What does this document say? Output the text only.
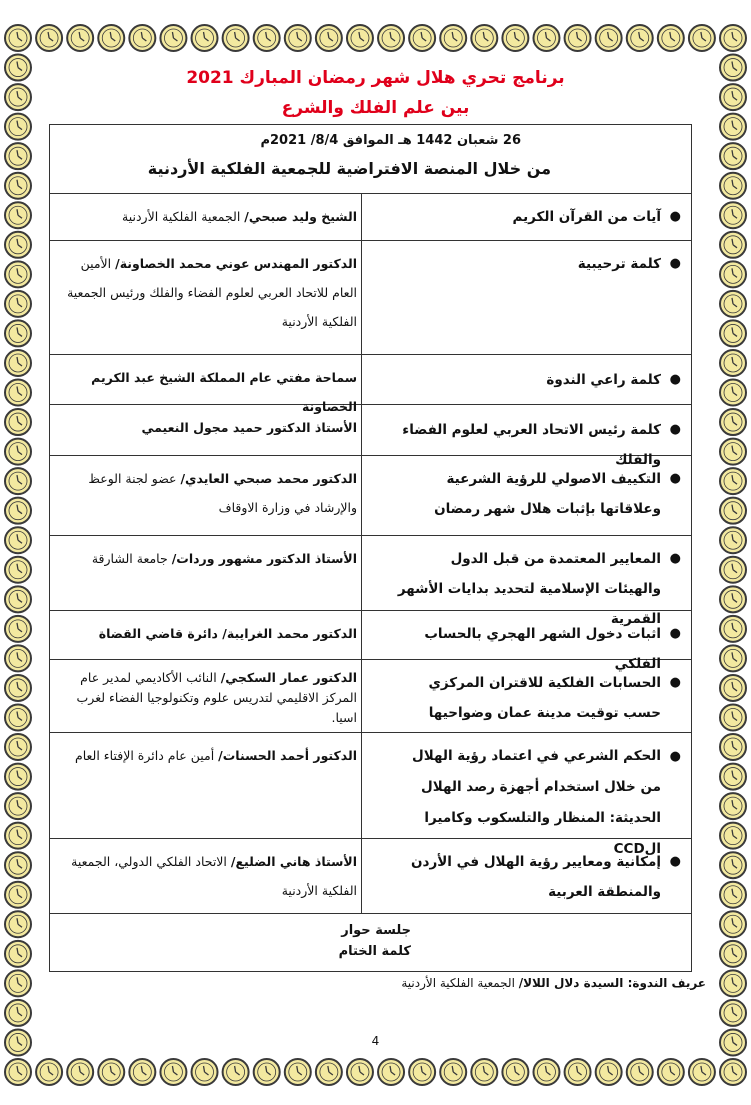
برنامج تحري هلال شهر رمضان المبارك 2021
بين علم الفلك والشرع
26 شعبان 1442 هـ الموافق 8/4/ 2021م
من خلال المنصة الافتراضية للجمعية الفلكية الأردنية
●
آيات من القرآن الكريم
الشيخ وليد صبحي/ الجمعية الفلكية الأردنية
●
كلمة ترحيبية
الدكتور المهندس عوني محمد الخصاونة/ الأمين العام للاتحاد العربي لعلوم الفضاء والفلك ورئيس الجمعية الفلكية الأردنية
●
كلمة راعي الندوة
سماحة مفتي عام المملكة الشيخ عبد الكريم الخصاونة
●
كلمة رئيس الاتحاد العربي لعلوم الفضاء والفلك
الأستاذ الدكتور حميد مجول النعيمي
●
التكييف الاصولي للرؤية الشرعية وعلاقاتها بإثبات هلال شهر رمضان
الدكتور محمد صبحي العايدي/ عضو لجنة الوعظ والإرشاد في وزارة الاوقاف
●
المعايير المعتمدة من قبل الدول والهيئات الإسلامية لتحديد بدايات الأشهر القمرية
الأستاذ الدكتور مشهور وردات/ جامعة الشارقة
●
اثبات دخول الشهر الهجري بالحساب الفلكي
الدكتور محمد الغرايبة/ دائرة قاضي القضاة
●
الحسابات الفلكية للاقتران المركزي حسب توقيت مدينة عمان وضواحيها
الدكتور عمار السكجي/ النائب الأكاديمي لمدير عام المركز الاقليمي لتدريس علوم وتكنولوجيا الفضاء لغرب اسيا.
●
الحكم الشرعي في اعتماد رؤية الهلال من خلال استخدام أجهزة رصد الهلال الحديثة: المنظار والتلسكوب وكاميرا الCCD
الدكتور أحمد الحسنات/ أمين عام دائرة الإفتاء العام
●
إمكانية ومعايير رؤية الهلال في الأردن والمنطقة العربية
الأستاذ هاني الضليع/ الاتحاد الفلكي الدولي، الجمعية الفلكية الأردنية
جلسة حوار
كلمة الختام
عريف الندوة: السيدة دلال اللالا/ الجمعية الفلكية الأردنية
4
